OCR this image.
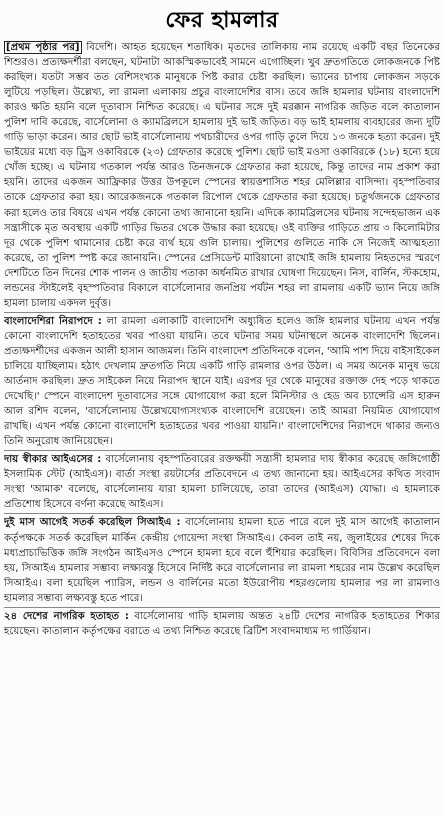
ফের হামলার

[প্রথম পৃষ্ঠার পর] বিদেশি। আহত হয়েছেন শতাধিক। মৃতদের তালিকায় নাম রয়েছে একটি বছর তিনেকের শিশুরও। প্রত্যক্ষদর্শীরা বলছেন, ঘটনাটা আকস্মিকভাবেই সামনে এগোচ্ছিল। খুব দ্রুতগতিতে লোকজনকে পিষ্ট করছিল। যতটা সম্ভব তত বেশিসংখ্যক মানুষকে পিষ্ট করার চেষ্টা করছিল। ভ্যানের চাপায় লোকজন সড়কে লুটিয়ে পড়ছিল। উল্লেখ্য, লা রামলা এলাকায় প্রচুর বাংলাদেশির বাস। তবে জঙ্গি হামলার ঘটনায় বাংলাদেশি কারও ক্ষতি হয়নি বলে দূতাবাস নিশ্চিত করেছে। এ ঘটনার সঙ্গে দুই মরক্কান নাগরিক জড়িত বলে কাতালান পুলিশ দাবি করেছে, বার্সেলোনা ও ক্যামব্রিলসে হামলায় দুই ভাই জড়িত। বড় ভাই হামলায় ব্যবহারের জন্য দুটি গাড়ি ভাড়া করেন। আর ছোট ভাই বার্সেলোনায় পথচারীদের ওপর গাড়ি তুলে দিয়ে ১৩ জনকে হত্যা করেন। দুই ভাইয়ের মধ্যে বড় ড্রিস ওকাবিরকে (২৩) গ্রেফতার করেছে পুলিশ। ছোট ভাই মওসা ওকাবিরকে (১৮) হন্যে হয়ে খোঁজ হচ্ছে। এ ঘটনায় গতকাল পর্যন্ত আরও তিনজনকে গ্রেফতার করা হয়েছে, কিন্তু তাদের নাম প্রকাশ করা হয়নি। তাদের একজন আফ্রিকার উত্তর উপকূলে স্পেনের স্বায়ত্তশাসিত শহর মেলিল্লার বাসিন্দা। বৃহস্পতিবার তাকে গ্রেফতার করা হয়। আরেকজনকে গতকাল রিপোল থেকে গ্রেফতার করা হয়েছে। চতুর্থজনকে গ্রেফতার করা হলেও তার বিষয়ে এখন পর্যন্ত কোনো তথ্য জানানো হয়নি। এদিকে ক্যামব্রিলসের ঘটনায় সন্দেহভাজন এক সন্ত্রাসীকে মৃত অবস্থায় একটি গাড়ির ভিতর থেকে উদ্ধার করা হয়েছে। ওই ব্যক্তির গাড়িতে প্রায় ৩ কিলোমিটার দূর থেকে পুলিশ থামানোর চেষ্টা করে ব্যর্থ হয়ে গুলি চালায়। পুলিশের গুলিতে নাকি সে নিজেই আত্মহত্যা করেছে, তা পুলিশ স্পষ্ট করে জানায়নি। স্পেনের প্রেসিডেন্ট মারিয়ানো রাখোই জঙ্গি হামলায় নিহতদের স্মরণে দেশটিতে তিন দিনের শোক পালন ও জাতীয় পতাকা অর্ধনমিত রাখার ঘোষণা দিয়েছেন। নিস, বার্লিন, স্টকহোম, লন্ডনের স্টাইলেই বৃহস্পতিবার বিকালে বার্সেলোনার জনপ্রিয় পর্যটন শহর লা রামলায় একটি ভ্যান নিয়ে জঙ্গি হামলা চালায় একদল দুর্বৃত্ত।

বাংলাদেশিরা নিরাপদে : লা রামলা এলাকাটি বাংলাদেশি অধ্যুষিত হলেও জঙ্গি হামলার ঘটনায় এখন পর্যন্ত কোনো বাংলাদেশি হতাহতের খবর পাওয়া যায়নি। তবে ঘটনার সময় ঘটনাস্থলে অনেক বাংলাদেশি ছিলেন। প্রত্যক্ষদর্শীদের একজন আলী হাসান আজমল। তিনি বাংলাদেশ প্রতিদিনকে বলেন, 'আমি পাশ দিয়ে বাইসাইকেল চালিয়ে যাচ্ছিলাম। হঠাৎ দেখলাম দ্রুতগতি নিয়ে একটি গাড়ি রামলার ওপর উঠল। এ সময় অনেক মানুষ ভয়ে আর্তনাদ করছিল। দ্রুত সাইকেল নিয়ে নিরাপদ স্থানে যাই। এরপর দূর থেকে মানুষের রক্তাক্ত দেহ পড়ে থাকতে দেখেছি।' স্পেনে বাংলাদেশ দূতাবাসের সঙ্গে যোগাযোগ করা হলে মিনিস্টার ও হেড অব চ্যান্সেরি এস হারুন আল রশিদ বলেন, 'বার্সেলোনায় উল্লেখযোগ্যসংখ্যক বাংলাদেশি রয়েছেন। তাই আমরা নিয়মিত যোগাযোগ রাখছি। এখন পর্যন্ত কোনো বাংলাদেশি হতাহতের খবর পাওয়া যায়নি।' বাংলাদেশিদের নিরাপদে থাকার জন্যও তিনি অনুরোধ জানিয়েছেন।

দায় স্বীকার আইএসের : বার্সেলোনায় বৃহস্পতিবারের রক্তক্ষয়ী সন্ত্রাসী হামলার দায় স্বীকার করেছে জঙ্গিগোষ্ঠী ইসলামিক স্টেট (আইএস)। বার্তা সংস্থা রয়টার্সের প্রতিবেদনে এ তথ্য জানানো হয়। আইএসের কথিত সংবাদ সংস্থা 'আমাক' বলেছে, বার্সেলোনায় যারা হামলা চালিয়েছে, তারা তাদের (আইএস) যোদ্ধা। এ হামলাকে প্রতিশোধ হিসেবে বর্ণনা করেছে আইএস।

দুই মাস আগেই সতর্ক করেছিল সিআইএ : বার্সেলোনায় হামলা হতে পারে বলে দুই মাস আগেই কাতালান কর্তৃপক্ষকে সতর্ক করেছিল মার্কিন কেন্দ্রীয় গোয়েন্দা সংস্থা সিআইএ। কেবল তাই নয়, জুলাইয়ের শেষের দিকে মধ্যপ্রাচ্যভিত্তিক জঙ্গি সংগঠন আইএসও স্পেনে হামলা হবে বলে হুঁশিয়ার করেছিল। বিবিসির প্রতিবেদনে বলা হয়, সিআইএ হামলার সম্ভাব্য লক্ষ্যবস্তু হিসেবে নির্দিষ্ট করে বার্সেলোনার লা রামলা শহরের নাম উল্লেখ করেছিল সিআইএ। বলা হয়েছিল প্যারিস, লন্ডন ও বার্লিনের মতো ইউরোপীয় শহরগুলোয় হামলার পর লা রামলাও হামলার সম্ভাব্য লক্ষ্যবস্তু হতে পারে।

২৪ দেশের নাগরিক হতাহত : বার্সেলোনায় গাড়ি হামলায় অন্তত ২৪টি দেশের নাগরিক হতাহতের শিকার হয়েছেন। কাতালান কর্তৃপক্ষের বরাতে এ তথ্য নিশ্চিত করেছে ব্রিটিশ সংবাদমাধ্যম দ্য গার্ডিয়ান।
